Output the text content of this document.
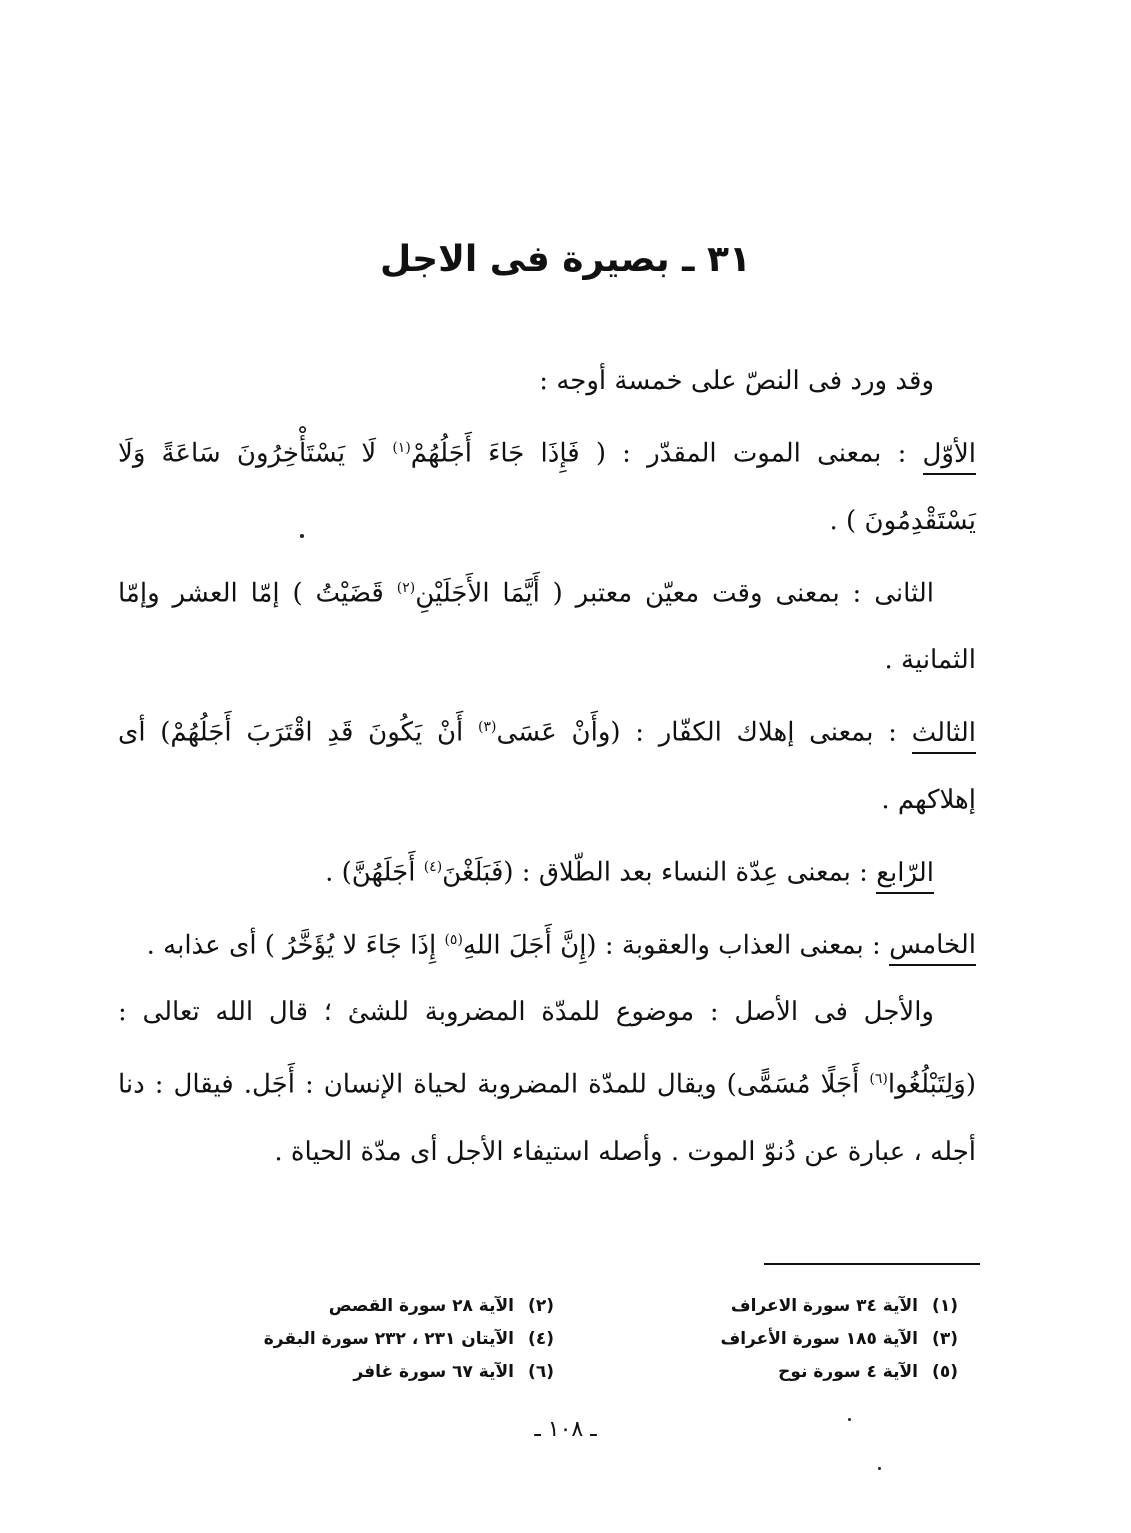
٣١ ـ بصيرة فى الاجل

وقد ورد فى النصّ على خمسة أوجه :

الأوّل : بمعنى الموت المقدّر : ( فَإِذَا جَاءَ أَجَلُهُمْ$^{(١)}$ لَا يَسْتَأْخِرُونَ سَاعَةً وَلَا يَسْتَقْدِمُونَ ) .

الثانى : بمعنى وقت معيّن معتبر ( أَيَّمَا الأَجَلَيْنِ$^{(٢)}$ قَضَيْتُ ) إمّا العشر وإمّا الثمانية .

الثالث : بمعنى إهلاك الكفّار : (وأَنْ عَسَى$^{(٣)}$ أَنْ يَكُونَ قَدِ اقْتَرَبَ أَجَلُهُمْ) أى إهلاكهم .

الرّابع : بمعنى عِدّة النساء بعد الطّلاق : (فَبَلَغْنَ$^{(٤)}$ أَجَلَهُنَّ) .

الخامس : بمعنى العذاب والعقوبة : (إِنَّ أَجَلَ اللهِ$^{(٥)}$ إِذَا جَاءَ لا يُؤَخَّرُ ) أى عذابه .

والأجل فى الأصل : موضوع للمدّة المضروبة للشئ ؛ قال الله تعالى : (وَلِتَبْلُغُوا$^{(٦)}$ أَجَلًا مُسَمًّى) ويقال للمدّة المضروبة لحياة الإنسان : أَجَل. فيقال : دنا أجله ، عبارة عن دُنوّ الموت . وأصله استيفاء الأجل أى مدّة الحياة .

(١)الآية ٣٤ سورة الاعراف
(٢)الآية ٢٨ سورة القصص
(٣)الآية ١٨٥ سورة الأعراف
(٤)الآيتان ٢٣١ ، ٢٣٢ سورة البقرة
(٥)الآية ٤ سورة نوح
(٦)الآية ٦٧ سورة غافر
ـ ١٠٨ ـ
